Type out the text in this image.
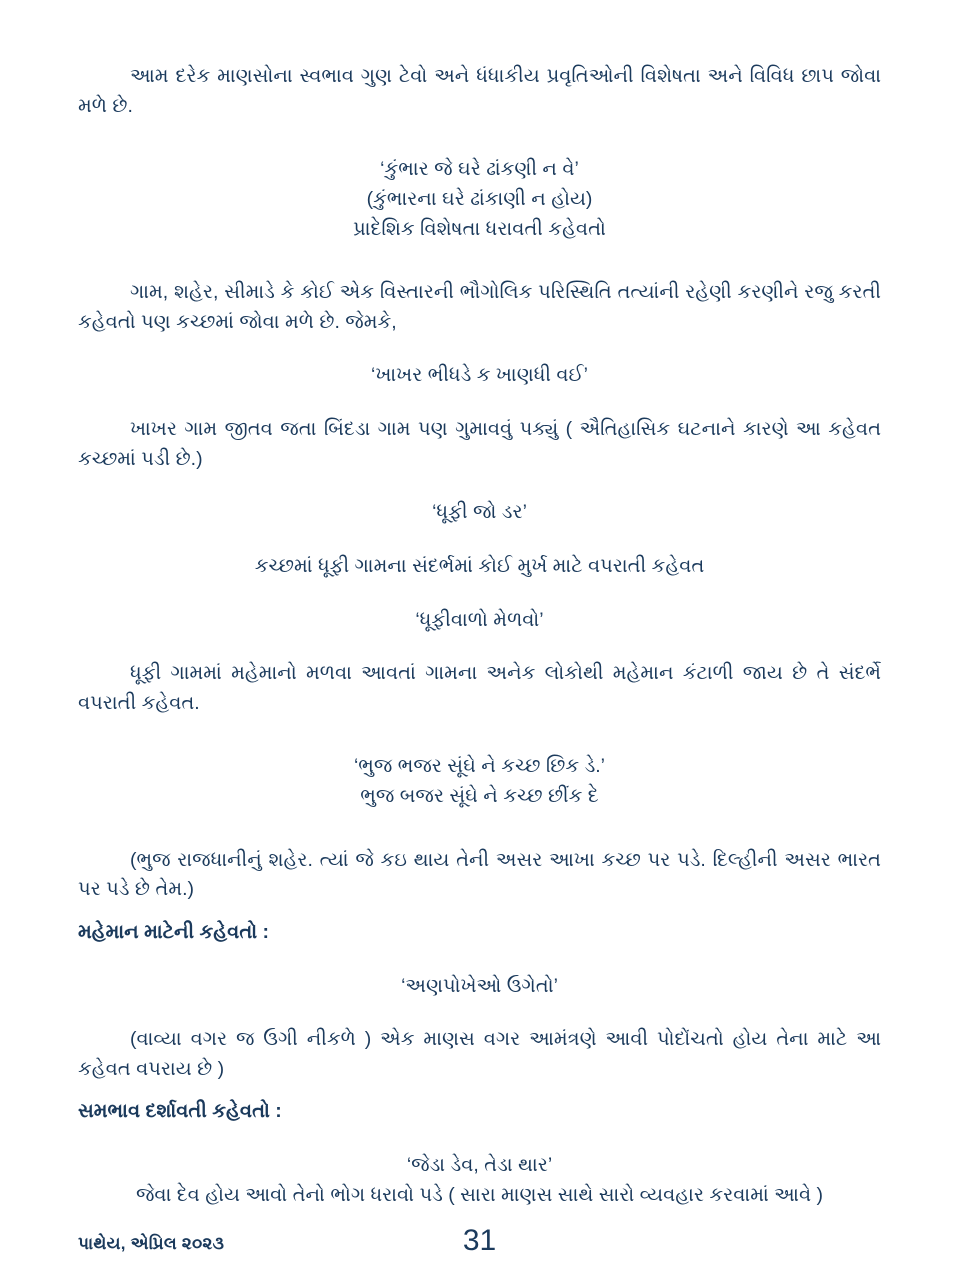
આમ દરેક માણસોના સ્વભાવ ગુણ ટેવો અને ધંધાકીય પ્રવૃતિઓની વિશેષતા અને વિવિધ છાપ જોવા મળે છે.

‘કુંભાર જે ઘરે ઢાંકણી ન વે’

(કુંભારના ઘરે ઢાંકાણી ન હોય)

પ્રાદેશિક વિશેષતા ધરાવતી કહેવતો

ગામ, શહેર, સીમાડે કે કોઈ એક વિસ્તારની ભૌગોલિક પરિસ્થિતિ તત્યાંની રહેણી કરણીને રજુ કરતી કહેવતો પણ કચ્છમાં જોવા મળે છે. જેમકે,

‘ખાખર ભીધડે ક ખાણધી વઈ’

ખાખર ગામ જીતવ જતા બિંદડા ગામ પણ ગુમાવવું પક્યું ( ઐતિહાસિક ઘટનાને કારણે આ કહેવત કચ્છમાં પડી છે.)

‘ધૂફી જો ડર’

કચ્છમાં ધૂફી ગામના સંદર્ભમાં કોઈ મુર્ખ માટે વપરાતી કહેવત

‘ધૂફીવાળો મેળવો’

ધૂફી ગામમાં મહેમાનો મળવા આવતાં ગામના અનેક લોકોથી મહેમાન કંટાળી જાય છે તે સંદર્ભે વપરાતી કહેવત.

‘ભુજ ભજર સૂંઘે ને કચ્છ છિક ડે.’

ભુજ બજર સૂંઘે ને કચ્છ છીંક દે

(ભુજ રાજધાનીનું શહેર. ત્યાં જે કઇ થાય તેની અસર આખા કચ્છ પર પડે. દિલ્હીની અસર ભારત પર પડે છે તેમ.)

મહેમાન માટેની કહેવતો :

‘અણપોખેઓ ઉગેતો’

(વાવ્યા વગર જ ઉગી નીકળે ) એક માણસ વગર આમંત્રણે આવી પોદોંચતો હોય તેના માટે આ કહેવત વપરાય છે )

સમભાવ દર્શાવતી કહેવતો :

‘જેડા ડેવ, તેડા થાર’

જેવા દેવ હોય આવો તેનો ભોગ ધરાવો પડે ( સારા માણસ સાથે સારો વ્યવહાર કરવામાં આવે )

પાથેય, એપ્રિલ ૨૦૨૩	31
